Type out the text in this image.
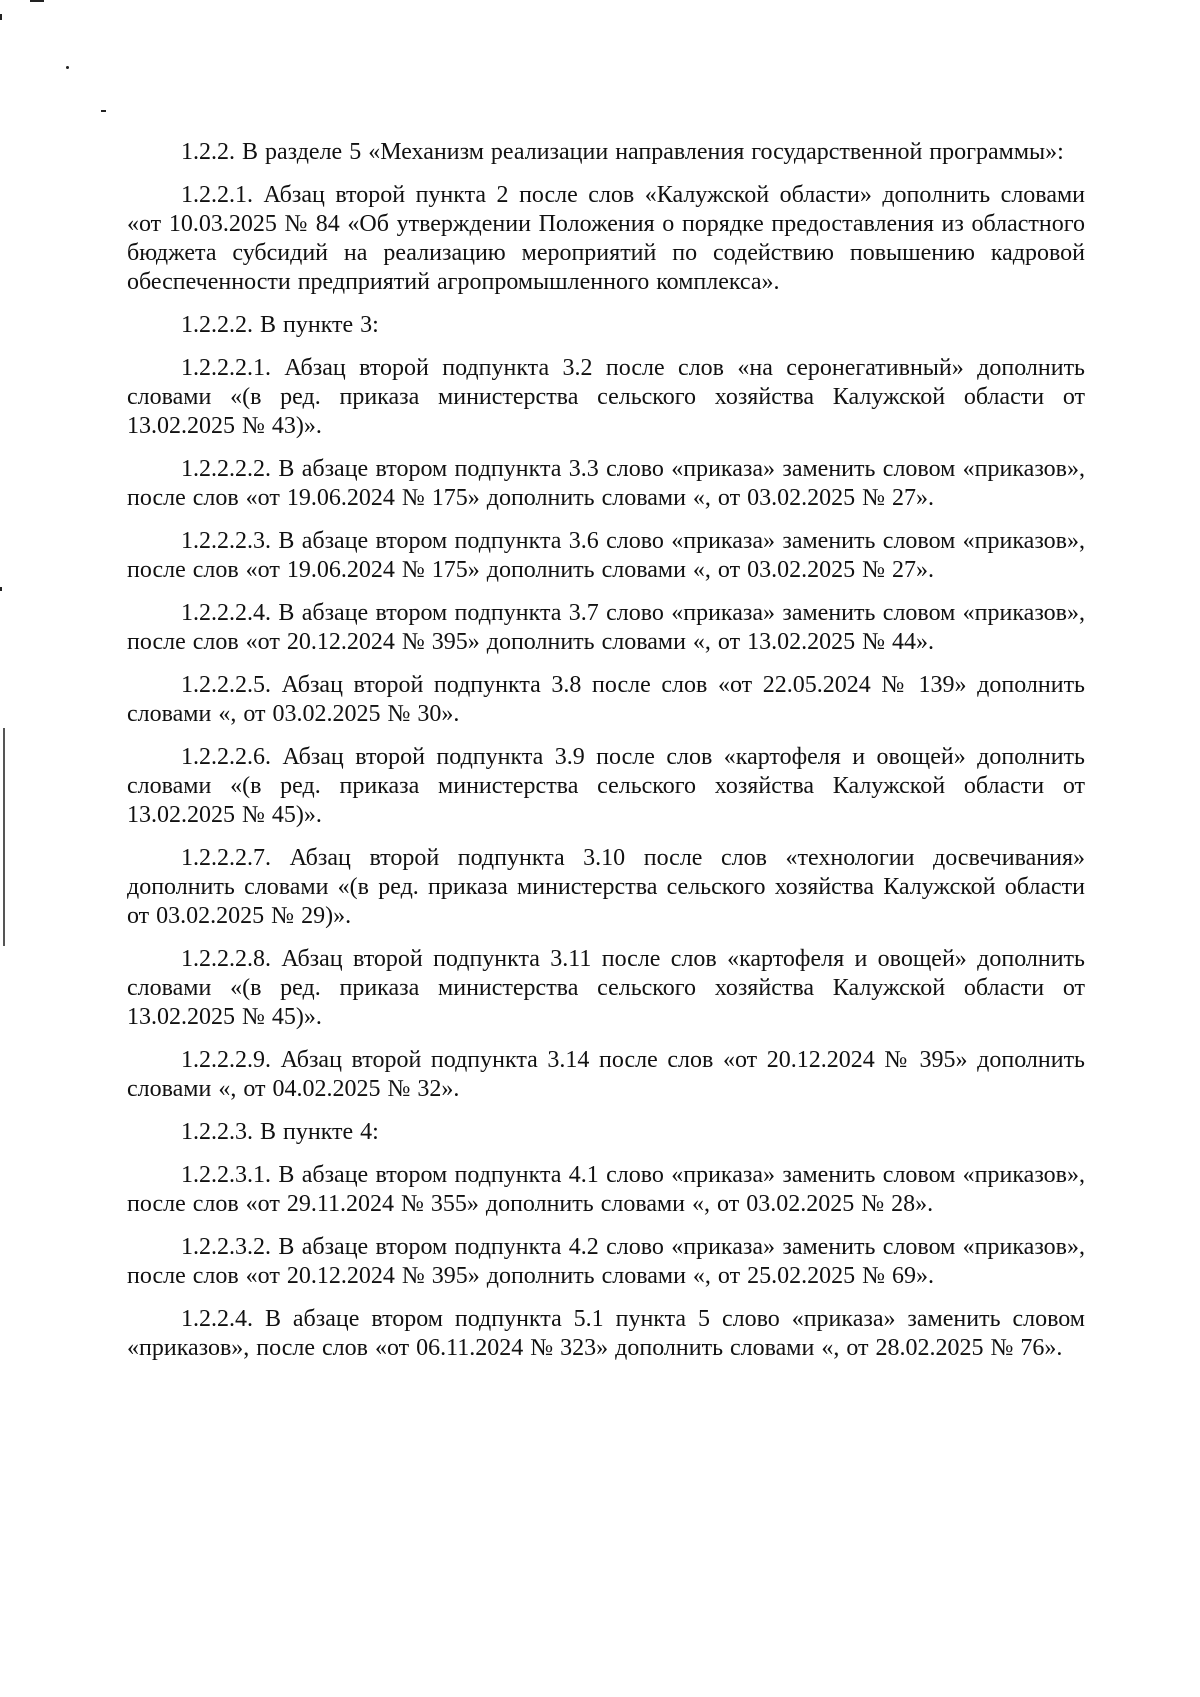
1.2.2. В разделе 5 «Механизм реализации направления государственной программы»:

1.2.2.1. Абзац второй пункта 2 после слов «Калужской области» дополнить словами «от 10.03.2025 № 84 «Об утверждении Положения о порядке предоставления из областного бюджета субсидий на реализацию мероприятий по содействию повышению кадровой обеспеченности предприятий агропромышленного комплекса».

1.2.2.2. В пункте 3:

1.2.2.2.1. Абзац второй подпункта 3.2 после слов «на серонегативный» дополнить словами «(в ред. приказа министерства сельского хозяйства Калужской области от 13.02.2025 № 43)».

1.2.2.2.2. В абзаце втором подпункта 3.3 слово «приказа» заменить словом «приказов», после слов «от 19.06.2024 № 175» дополнить словами «, от 03.02.2025 № 27».

1.2.2.2.3. В абзаце втором подпункта 3.6 слово «приказа» заменить словом «приказов», после слов «от 19.06.2024 № 175» дополнить словами «, от 03.02.2025 № 27».

1.2.2.2.4. В абзаце втором подпункта 3.7 слово «приказа» заменить словом «приказов», после слов «от 20.12.2024 № 395» дополнить словами «, от 13.02.2025 № 44».

1.2.2.2.5. Абзац второй подпункта 3.8 после слов «от 22.05.2024 № 139» дополнить словами «, от 03.02.2025 № 30».

1.2.2.2.6. Абзац второй подпункта 3.9 после слов «картофеля и овощей» дополнить словами «(в ред. приказа министерства сельского хозяйства Калужской области от 13.02.2025 № 45)».

1.2.2.2.7. Абзац второй подпункта 3.10 после слов «технологии досвечивания» дополнить словами «(в ред. приказа министерства сельского хозяйства Калужской области от 03.02.2025 № 29)».

1.2.2.2.8. Абзац второй подпункта 3.11 после слов «картофеля и овощей» дополнить словами «(в ред. приказа министерства сельского хозяйства Калужской области от 13.02.2025 № 45)».

1.2.2.2.9. Абзац второй подпункта 3.14 после слов «от 20.12.2024 № 395» дополнить словами «, от 04.02.2025 № 32».

1.2.2.3. В пункте 4:

1.2.2.3.1. В абзаце втором подпункта 4.1 слово «приказа» заменить словом «приказов», после слов «от 29.11.2024 № 355» дополнить словами «, от 03.02.2025 № 28».

1.2.2.3.2. В абзаце втором подпункта 4.2 слово «приказа» заменить словом «приказов», после слов «от 20.12.2024 № 395» дополнить словами «, от 25.02.2025 № 69».

1.2.2.4. В абзаце втором подпункта 5.1 пункта 5 слово «приказа» заменить словом «приказов», после слов «от 06.11.2024 № 323» дополнить словами «, от 28.02.2025 № 76».
